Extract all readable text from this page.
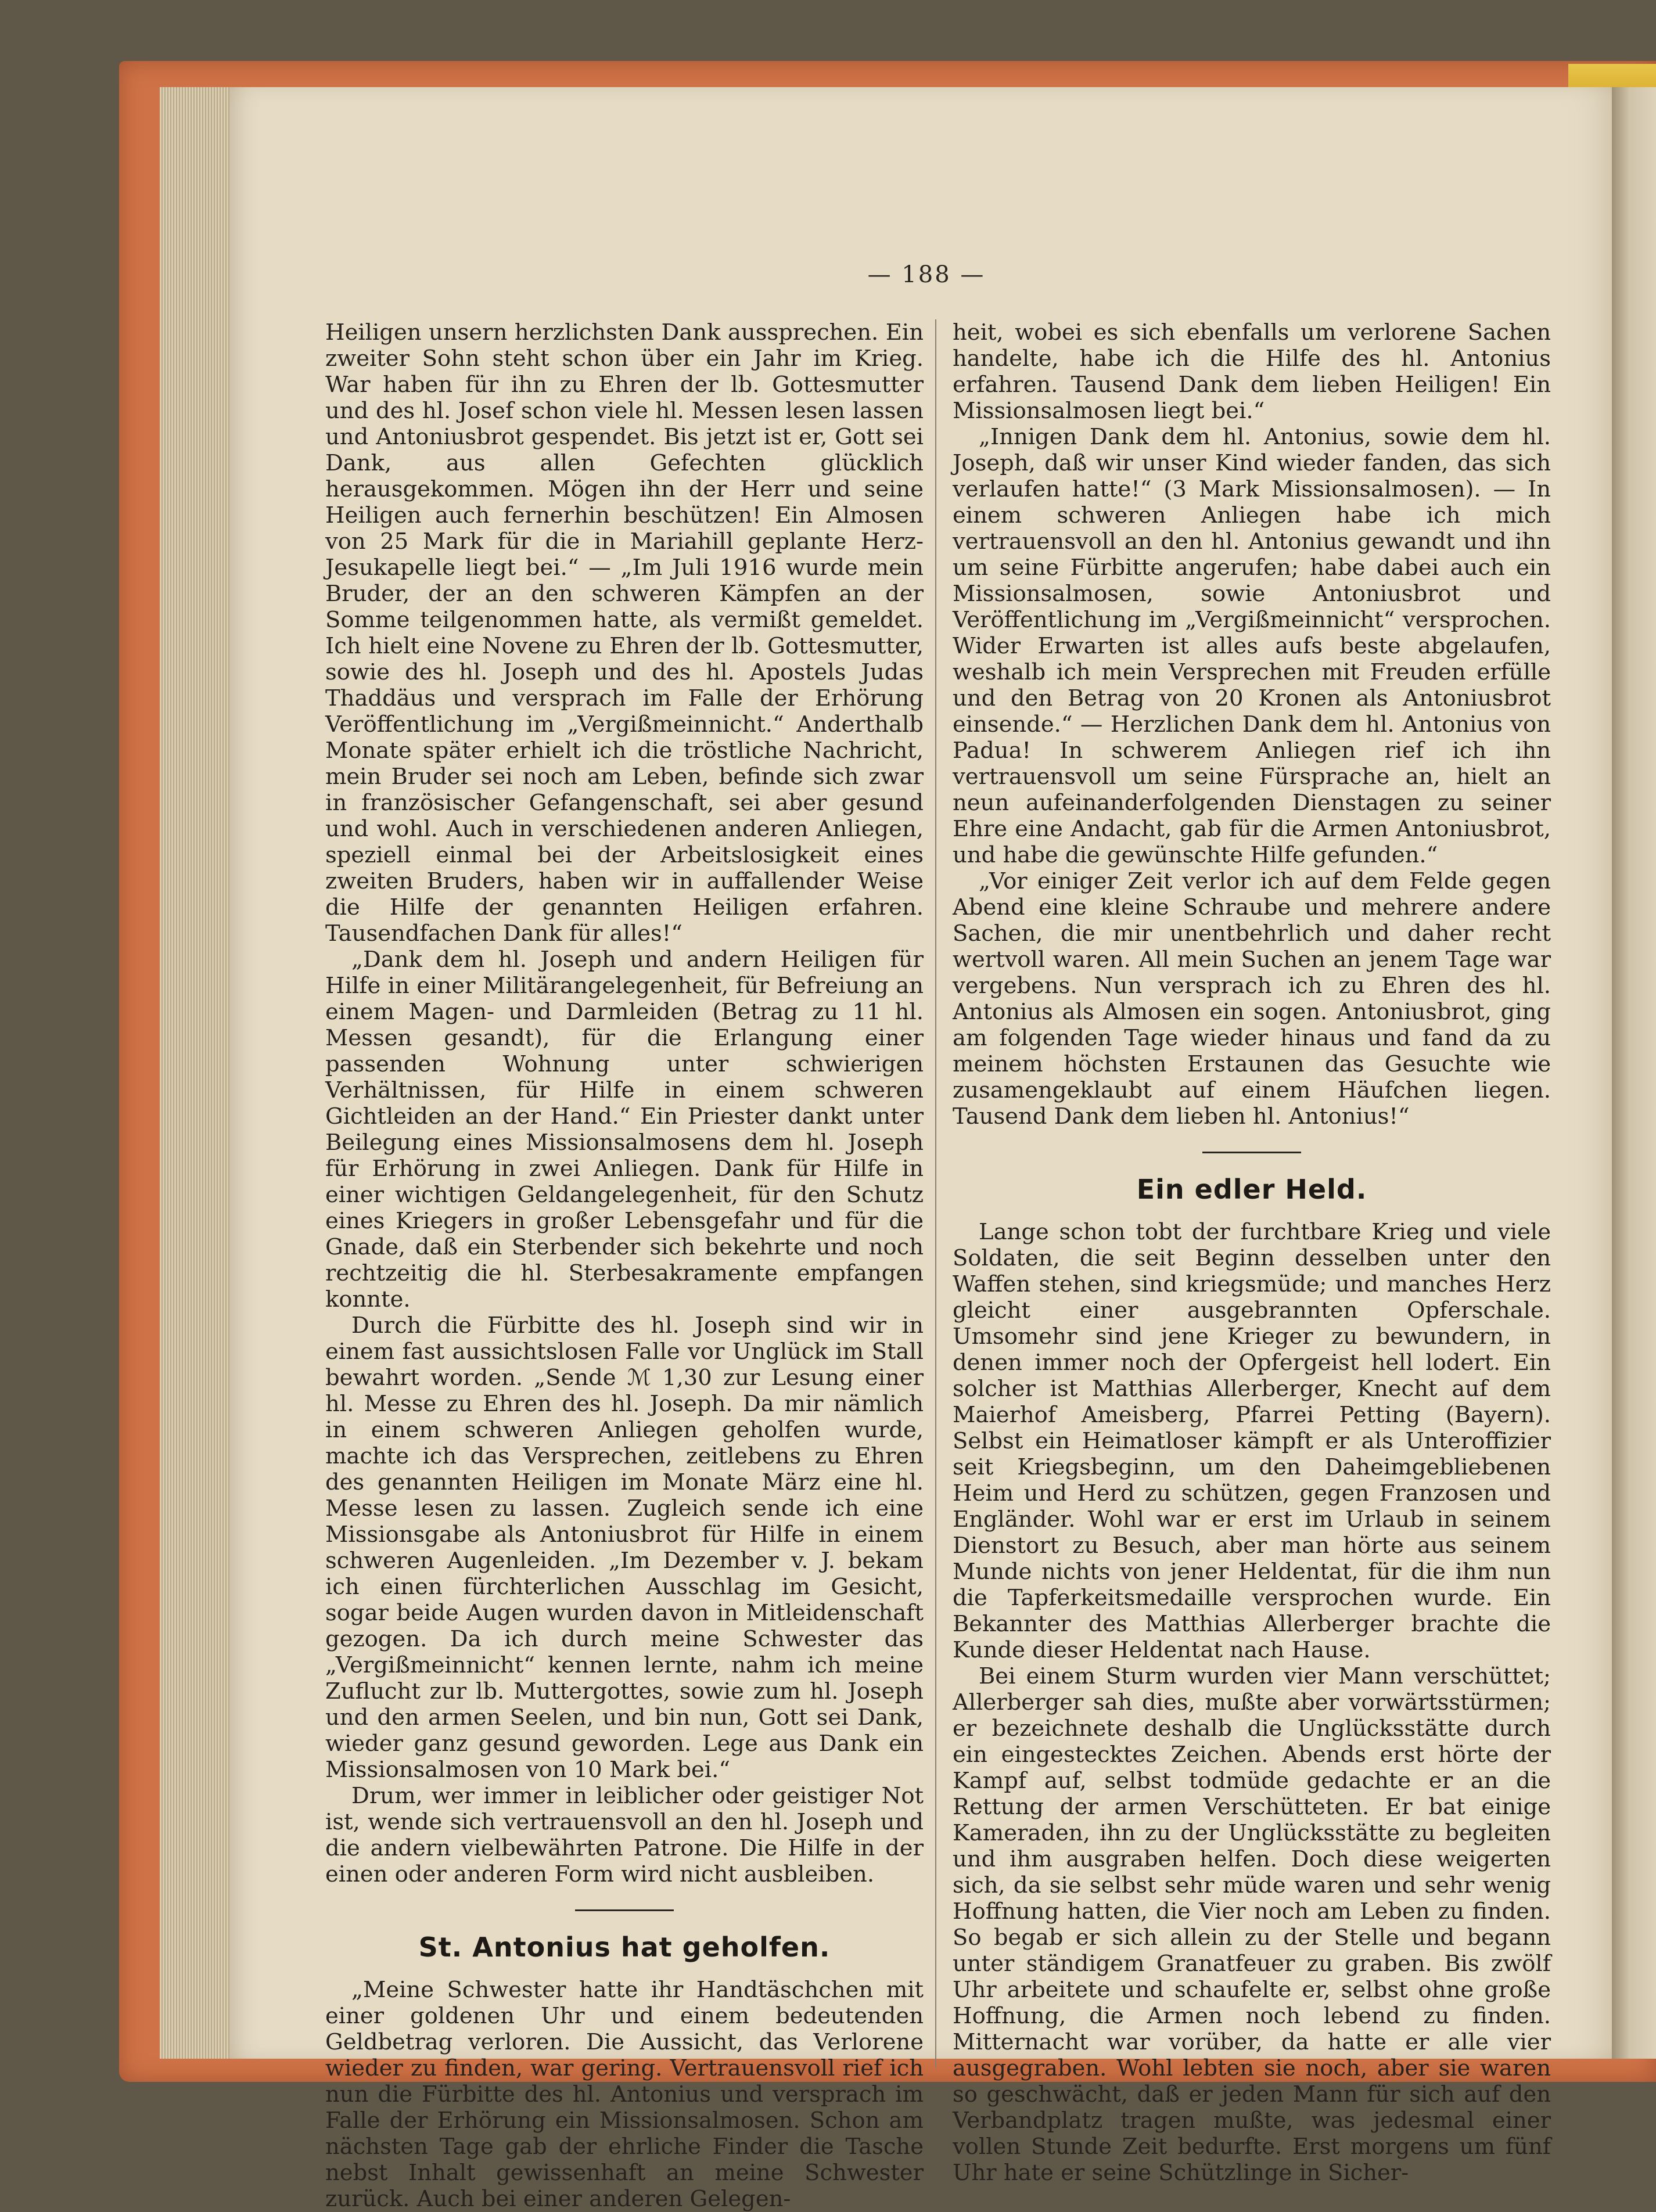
— 188 —

Heiligen unsern herzlichsten Dank aussprechen. Ein zweiter Sohn steht schon über ein Jahr im Krieg. War haben für ihn zu Ehren der lb. Gottesmutter und des hl. Josef schon viele hl. Messen lesen lassen und Antoniusbrot gespendet. Bis jetzt ist er, Gott sei Dank, aus allen Gefechten glücklich herausgekommen. Mögen ihn der Herr und seine Heiligen auch fernerhin beschützen! Ein Almosen von 25 Mark für die in Mariahill geplante Herz-Jesukapelle liegt bei.“ — „Im Juli 1916 wurde mein Bruder, der an den schweren Kämpfen an der Somme teilgenommen hatte, als vermißt gemeldet. Ich hielt eine Novene zu Ehren der lb. Gottesmutter, sowie des hl. Joseph und des hl. Apostels Judas Thaddäus und versprach im Falle der Erhörung Veröffentlichung im „Vergißmeinnicht.“ Anderthalb Monate später erhielt ich die tröstliche Nachricht, mein Bruder sei noch am Leben, befinde sich zwar in französischer Gefangenschaft, sei aber gesund und wohl. Auch in verschiedenen anderen Anliegen, speziell einmal bei der Arbeitslosigkeit eines zweiten Bruders, haben wir in auffallender Weise die Hilfe der genannten Heiligen erfahren. Tausendfachen Dank für alles!“

„Dank dem hl. Joseph und andern Heiligen für Hilfe in einer Militärangelegenheit, für Befreiung an einem Magen- und Darmleiden (Betrag zu 11 hl. Messen gesandt), für die Erlangung einer passenden Wohnung unter schwierigen Verhältnissen, für Hilfe in einem schweren Gichtleiden an der Hand.“ Ein Priester dankt unter Beilegung eines Missionsalmosens dem hl. Joseph für Erhörung in zwei Anliegen. Dank für Hilfe in einer wichtigen Geldangelegenheit, für den Schutz eines Kriegers in großer Lebensgefahr und für die Gnade, daß ein Sterbender sich bekehrte und noch rechtzeitig die hl. Sterbesakramente empfangen konnte.

Durch die Fürbitte des hl. Joseph sind wir in einem fast aussichtslosen Falle vor Unglück im Stall bewahrt worden. „Sende ℳ 1,30 zur Lesung einer hl. Messe zu Ehren des hl. Joseph. Da mir nämlich in einem schweren Anliegen geholfen wurde, machte ich das Versprechen, zeitlebens zu Ehren des genannten Heiligen im Monate März eine hl. Messe lesen zu lassen. Zugleich sende ich eine Missionsgabe als Antoniusbrot für Hilfe in einem schweren Augenleiden. „Im Dezember v. J. bekam ich einen fürchterlichen Ausschlag im Gesicht, sogar beide Augen wurden davon in Mitleidenschaft gezogen. Da ich durch meine Schwester das „Vergißmeinnicht“ kennen lernte, nahm ich meine Zuflucht zur lb. Muttergottes, sowie zum hl. Joseph und den armen Seelen, und bin nun, Gott sei Dank, wieder ganz gesund geworden. Lege aus Dank ein Missionsalmosen von 10 Mark bei.“

Drum, wer immer in leiblicher oder geistiger Not ist, wende sich vertrauensvoll an den hl. Joseph und die andern vielbewährten Patrone. Die Hilfe in der einen oder anderen Form wird nicht ausbleiben.

St. Antonius hat geholfen.

„Meine Schwester hatte ihr Handtäschchen mit einer goldenen Uhr und einem bedeutenden Geldbetrag verloren. Die Aussicht, das Verlorene wieder zu finden, war gering. Vertrauensvoll rief ich nun die Fürbitte des hl. Antonius und versprach im Falle der Erhörung ein Missionsalmosen. Schon am nächsten Tage gab der ehrliche Finder die Tasche nebst Inhalt gewissenhaft an meine Schwester zurück. Auch bei einer anderen Gelegen-

heit, wobei es sich ebenfalls um verlorene Sachen handelte, habe ich die Hilfe des hl. Antonius erfahren. Tausend Dank dem lieben Heiligen! Ein Missionsalmosen liegt bei.“

„Innigen Dank dem hl. Antonius, sowie dem hl. Joseph, daß wir unser Kind wieder fanden, das sich verlaufen hatte!“ (3 Mark Missionsalmosen). — In einem schweren Anliegen habe ich mich vertrauensvoll an den hl. Antonius gewandt und ihn um seine Fürbitte angerufen; habe dabei auch ein Missionsalmosen, sowie Antoniusbrot und Veröffentlichung im „Vergißmeinnicht“ versprochen. Wider Erwarten ist alles aufs beste abgelaufen, weshalb ich mein Versprechen mit Freuden erfülle und den Betrag von 20 Kronen als Antoniusbrot einsende.“ — Herzlichen Dank dem hl. Antonius von Padua! In schwerem Anliegen rief ich ihn vertrauensvoll um seine Fürsprache an, hielt an neun aufeinanderfolgenden Dienstagen zu seiner Ehre eine Andacht, gab für die Armen Antoniusbrot, und habe die gewünschte Hilfe gefunden.“

„Vor einiger Zeit verlor ich auf dem Felde gegen Abend eine kleine Schraube und mehrere andere Sachen, die mir unentbehrlich und daher recht wertvoll waren. All mein Suchen an jenem Tage war vergebens. Nun versprach ich zu Ehren des hl. Antonius als Almosen ein sogen. Antoniusbrot, ging am folgenden Tage wieder hinaus und fand da zu meinem höchsten Erstaunen das Gesuchte wie zusamengeklaubt auf einem Häufchen liegen. Tausend Dank dem lieben hl. Antonius!“

Ein edler Held.

Lange schon tobt der furchtbare Krieg und viele Soldaten, die seit Beginn desselben unter den Waffen stehen, sind kriegsmüde; und manches Herz gleicht einer ausgebrannten Opferschale. Umsomehr sind jene Krieger zu bewundern, in denen immer noch der Opfergeist hell lodert. Ein solcher ist Matthias Allerberger, Knecht auf dem Maierhof Ameisberg, Pfarrei Petting (Bayern). Selbst ein Heimatloser kämpft er als Unteroffizier seit Kriegsbeginn, um den Daheimgebliebenen Heim und Herd zu schützen, gegen Franzosen und Engländer. Wohl war er erst im Urlaub in seinem Dienstort zu Besuch, aber man hörte aus seinem Munde nichts von jener Heldentat, für die ihm nun die Tapferkeitsmedaille versprochen wurde. Ein Bekannter des Matthias Allerberger brachte die Kunde dieser Heldentat nach Hause.

Bei einem Sturm wurden vier Mann verschüttet; Allerberger sah dies, mußte aber vorwärtsstürmen; er bezeichnete deshalb die Unglücksstätte durch ein eingestecktes Zeichen. Abends erst hörte der Kampf auf, selbst todmüde gedachte er an die Rettung der armen Verschütteten. Er bat einige Kameraden, ihn zu der Unglücksstätte zu begleiten und ihm ausgraben helfen. Doch diese weigerten sich, da sie selbst sehr müde waren und sehr wenig Hoffnung hatten, die Vier noch am Leben zu finden. So begab er sich allein zu der Stelle und begann unter ständigem Granatfeuer zu graben. Bis zwölf Uhr arbeitete und schaufelte er, selbst ohne große Hoffnung, die Armen noch lebend zu finden. Mitternacht war vorüber, da hatte er alle vier ausgegraben. Wohl lebten sie noch, aber sie waren so geschwächt, daß er jeden Mann für sich auf den Verbandplatz tragen mußte, was jedesmal einer vollen Stunde Zeit bedurfte. Erst morgens um fünf Uhr hate er seine Schützlinge in Sicher-
